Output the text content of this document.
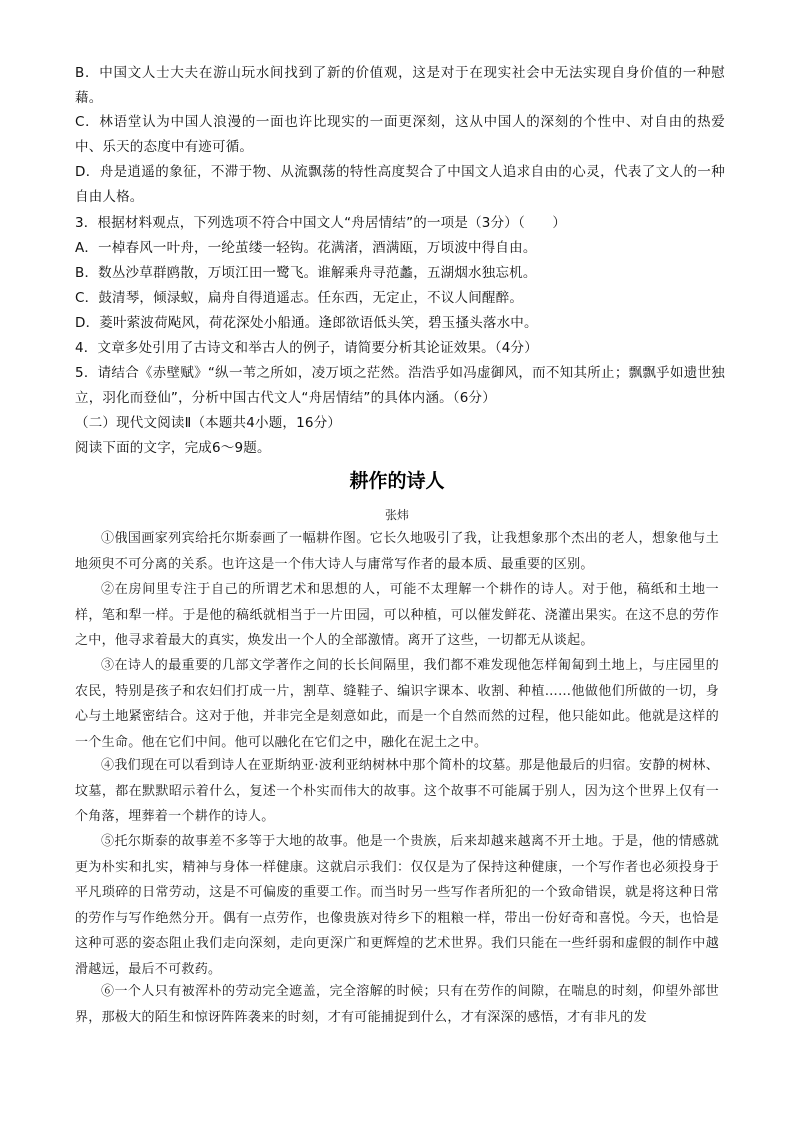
B．中国文人士大夫在游山玩水间找到了新的价值观，这是对于在现实社会中无法实现自身价值的一种慰藉。
C．林语堂认为中国人浪漫的一面也许比现实的一面更深刻，这从中国人的深刻的个性中、对自由的热爱中、乐天的态度中有迹可循。
D．舟是逍遥的象征，不滞于物、从流飘荡的特性高度契合了中国文人追求自由的心灵，代表了文人的一种自由人格。
3．根据材料观点，下列选项不符合中国文人“舟居情结”的一项是（3分）（　　）
A．一棹春风一叶舟，一纶茧缕一轻钩。花满渚，酒满瓯，万顷波中得自由。
B．数丛沙草群鸥散，万顷江田一鹭飞。谁解乘舟寻范蠡，五湖烟水独忘机。
C．鼓清琴，倾渌蚁，扁舟自得逍遥志。任东西，无定止，不议人间醒醉。
D．菱叶萦波荷飐风，荷花深处小船通。逢郎欲语低头笑，碧玉搔头落水中。
4．文章多处引用了古诗文和举古人的例子，请简要分析其论证效果。（4分）
5．请结合《赤壁赋》“纵一苇之所如，凌万顷之茫然。浩浩乎如冯虚御风，而不知其所止；飘飘乎如遗世独立，羽化而登仙”，分析中国古代文人“舟居情结”的具体内涵。（6分）
（二）现代文阅读Ⅱ（本题共4小题，16分）
阅读下面的文字，完成6～9题。
耕作的诗人
张炜
①俄国画家列宾给托尔斯泰画了一幅耕作图。它长久地吸引了我，让我想象那个杰出的老人，想象他与土地须臾不可分离的关系。也许这是一个伟大诗人与庸常写作者的最本质、最重要的区别。
②在房间里专注于自己的所谓艺术和思想的人，可能不太理解一个耕作的诗人。对于他，稿纸和土地一样，笔和犁一样。于是他的稿纸就相当于一片田园，可以种植，可以催发鲜花、浇灌出果实。在这不息的劳作之中，他寻求着最大的真实，焕发出一个人的全部激情。离开了这些，一切都无从谈起。
③在诗人的最重要的几部文学著作之间的长长间隔里，我们都不难发现他怎样匍匐到土地上，与庄园里的农民，特别是孩子和农妇们打成一片，割草、缝鞋子、编识字课本、收割、种植……他做他们所做的一切，身心与土地紧密结合。这对于他，并非完全是刻意如此，而是一个自然而然的过程，他只能如此。他就是这样的一个生命。他在它们中间。他可以融化在它们之中，融化在泥土之中。
④我们现在可以看到诗人在亚斯纳亚·波利亚纳树林中那个简朴的坟墓。那是他最后的归宿。安静的树林、坟墓，都在默默昭示着什么，复述一个朴实而伟大的故事。这个故事不可能属于别人，因为这个世界上仅有一个角落，埋葬着一个耕作的诗人。
⑤托尔斯泰的故事差不多等于大地的故事。他是一个贵族，后来却越来越离不开土地。于是，他的情感就更为朴实和扎实，精神与身体一样健康。这就启示我们：仅仅是为了保持这种健康，一个写作者也必须投身于平凡琐碎的日常劳动，这是不可偏废的重要工作。而当时另一些写作者所犯的一个致命错误，就是将这种日常的劳作与写作绝然分开。偶有一点劳作，也像贵族对待乡下的粗粮一样，带出一份好奇和喜悦。今天，也恰是这种可恶的姿态阻止我们走向深刻，走向更深广和更辉煌的艺术世界。我们只能在一些纤弱和虚假的制作中越滑越远，最后不可救药。
⑥一个人只有被浑朴的劳动完全遮盖，完全溶解的时候；只有在劳作的间隙，在喘息的时刻，仰望外部世界，那极大的陌生和惊讶阵阵袭来的时刻，才有可能捕捉到什么，才有深深的感悟，才有非凡的发
